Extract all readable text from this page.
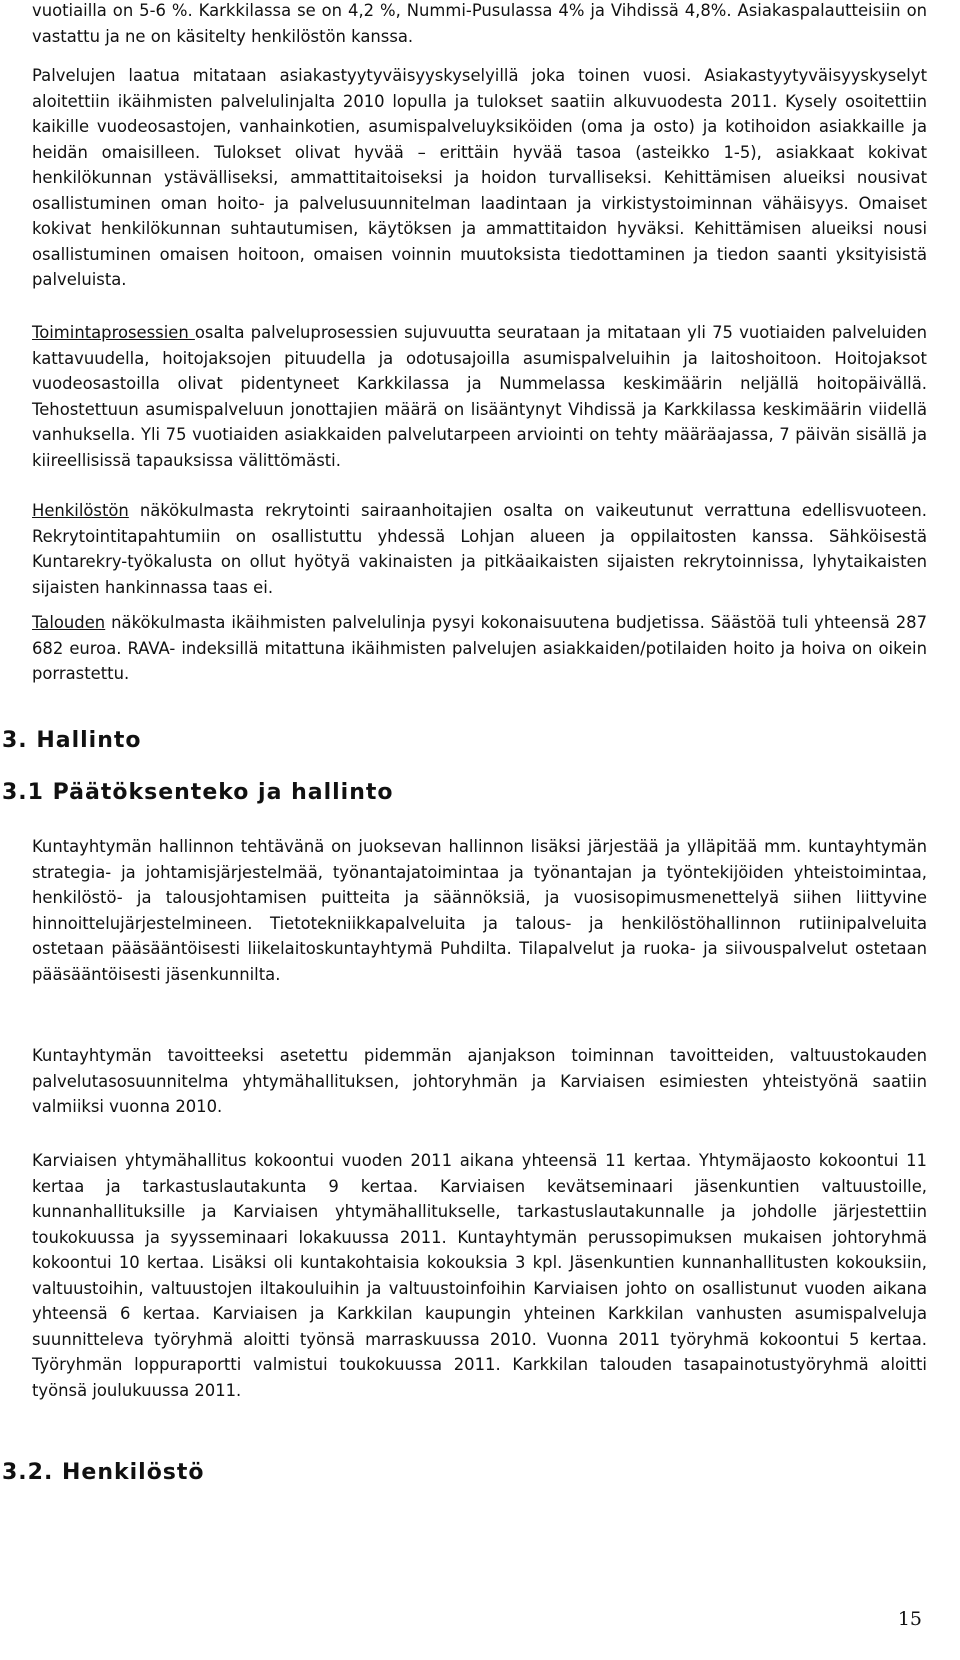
vuotiailla on 5-6 %. Karkkilassa se on 4,2 %, Nummi-Pusulassa 4% ja Vihdissä 4,8%. Asiakaspalautteisiin on vastattu ja ne on käsitelty henkilöstön kanssa.

Palvelujen laatua mitataan asiakastyytyväisyyskyselyillä joka toinen vuosi. Asiakastyytyväisyyskyselyt aloitettiin ikäihmisten palvelulinjalta 2010 lopulla ja tulokset saatiin alkuvuodesta 2011. Kysely osoitettiin kaikille vuodeosastojen, vanhainkotien, asumispalveluyksiköiden (oma ja osto) ja kotihoidon asiakkaille ja heidän omaisilleen. Tulokset olivat hyvää – erittäin hyvää tasoa (asteikko 1-5), asiakkaat kokivat henkilökunnan ystävälliseksi, ammattitaitoiseksi ja hoidon turvalliseksi. Kehittämisen alueiksi nousivat osallistuminen oman hoito- ja palvelusuunnitelman laadintaan ja virkistystoiminnan vähäisyys. Omaiset kokivat henkilökunnan suhtautumisen, käytöksen ja ammattitaidon hyväksi. Kehittämisen alueiksi nousi osallistuminen omaisen hoitoon, omaisen voinnin muutoksista tiedottaminen ja tiedon saanti yksityisistä palveluista.

Toimintaprosessien osalta palveluprosessien sujuvuutta seurataan ja mitataan yli 75 vuotiaiden palveluiden kattavuudella, hoitojaksojen pituudella ja odotusajoilla asumispalveluihin ja laitoshoitoon. Hoitojaksot vuodeosastoilla olivat pidentyneet Karkkilassa ja Nummelassa keskimäärin neljällä hoitopäivällä. Tehostettuun asumispalveluun jonottajien määrä on lisääntynyt Vihdissä ja Karkkilassa keskimäärin viidellä vanhuksella. Yli 75 vuotiaiden asiakkaiden palvelutarpeen arviointi on tehty määräajassa, 7 päivän sisällä ja kiireellisissä tapauksissa välittömästi.

Henkilöstön näkökulmasta rekrytointi sairaanhoitajien osalta on vaikeutunut verrattuna edellisvuoteen. Rekrytointitapahtumiin on osallistuttu yhdessä Lohjan alueen ja oppilaitosten kanssa. Sähköisestä Kuntarekry-työkalusta on ollut hyötyä vakinaisten ja pitkäaikaisten sijaisten rekrytoinnissa, lyhytaikaisten sijaisten hankinnassa taas ei.

Talouden näkökulmasta ikäihmisten palvelulinja pysyi kokonaisuutena budjetissa. Säästöä tuli yhteensä 287 682 euroa. RAVA- indeksillä mitattuna ikäihmisten palvelujen asiakkaiden/potilaiden hoito ja hoiva on oikein porrastettu.

3. Hallinto
3.1 Päätöksenteko ja hallinto

Kuntayhtymän hallinnon tehtävänä on juoksevan hallinnon lisäksi järjestää ja ylläpitää mm. kuntayhtymän strategia- ja johtamisjärjestelmää, työnantajatoimintaa ja työnantajan ja työntekijöiden yhteistoimintaa, henkilöstö- ja talousjohtamisen puitteita ja säännöksiä, ja vuosisopimusmenettelyä siihen liittyvine hinnoittelujärjestelmineen. Tietotekniikkapalveluita ja talous- ja henkilöstöhallinnon rutiinipalveluita ostetaan pääsääntöisesti liikelaitoskuntayhtymä Puhdilta. Tilapalvelut ja ruoka- ja siivouspalvelut ostetaan pääsääntöisesti jäsenkunnilta.

Kuntayhtymän tavoitteeksi asetettu pidemmän ajanjakson toiminnan tavoitteiden, valtuustokauden palvelutasosuunnitelma yhtymähallituksen, johtoryhmän ja Karviaisen esimiesten yhteistyönä saatiin valmiiksi vuonna 2010.

Karviaisen yhtymähallitus kokoontui vuoden 2011 aikana yhteensä 11 kertaa. Yhtymäjaosto kokoontui 11 kertaa ja tarkastuslautakunta 9 kertaa. Karviaisen kevätseminaari jäsenkuntien valtuustoille, kunnanhallituksille ja Karviaisen yhtymähallitukselle, tarkastuslautakunnalle ja johdolle järjestettiin toukokuussa ja syysseminaari lokakuussa 2011. Kuntayhtymän perussopimuksen mukaisen johtoryhmä kokoontui 10 kertaa. Lisäksi oli kuntakohtaisia kokouksia 3 kpl. Jäsenkuntien kunnanhallitusten kokouksiin, valtuustoihin, valtuustojen iltakouluihin ja valtuustoinfoihin Karviaisen johto on osallistunut vuoden aikana yhteensä 6 kertaa. Karviaisen ja Karkkilan kaupungin yhteinen Karkkilan vanhusten asumispalveluja suunnitteleva työryhmä aloitti työnsä marraskuussa 2010. Vuonna 2011 työryhmä kokoontui 5 kertaa. Työryhmän loppuraportti valmistui toukokuussa 2011. Karkkilan talouden tasapainotustyöryhmä aloitti työnsä joulukuussa 2011.

3.2. Henkilöstö
15
